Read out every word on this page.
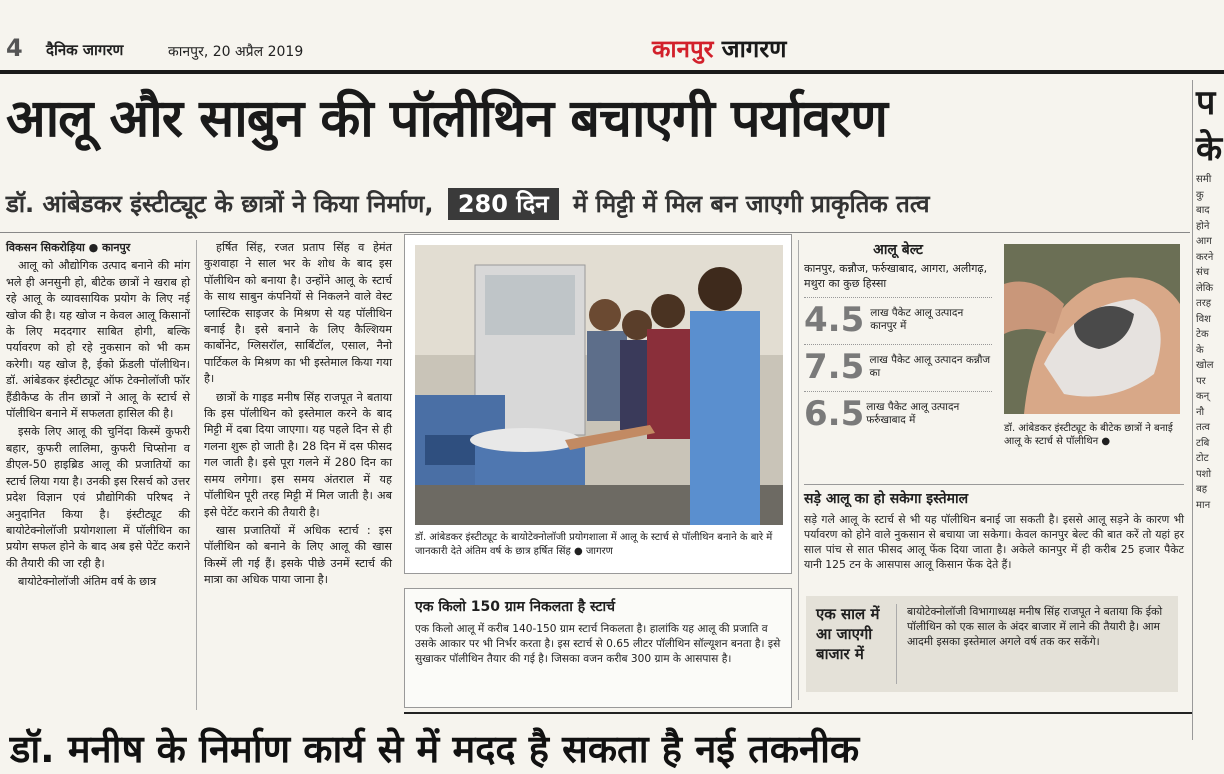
4 दैनिक जागरण	कानपुर, 20 अप्रैल 2019	कानपुर जागरण
आलू और साबुन की पॉलीथिन बचाएगी पर्यावरण
डॉ. आंबेडकर इंस्टीट्यूट के छात्रों ने किया निर्माण, 280 दिन में मिट्टी में मिल बन जाएगी प्राकृतिक तत्व

विकसन सिकरोड़िया ● कानपुर

आलू को औद्योगिक उत्पाद बनाने की मांग भले ही अनसुनी हो, बीटेक छात्रों ने खराब हो रहे आलू के व्यावसायिक प्रयोग के लिए नई खोज की है। यह खोज न केवल आलू किसानों के लिए मददगार साबित होगी, बल्कि पर्यावरण को हो रहे नुकसान को भी कम करेगी। यह खोज है, ईको फ्रेंडली पॉलीथिन। डॉ. आंबेडकर इंस्टीट्यूट ऑफ टेक्नोलॉजी फॉर हैंडीकैप्ड के तीन छात्रों ने आलू के स्टार्च से पॉलीथिन बनाने में सफलता हासिल की है।

इसके लिए आलू की चुनिंदा किस्में कुफरी बहार, कुफरी लालिमा, कुफरी चिप्सोना व डीएल-50 हाइब्रिड आलू की प्रजातियों का स्टार्च लिया गया है। उनकी इस रिसर्च को उत्तर प्रदेश विज्ञान एवं प्रौद्योगिकी परिषद ने अनुदानित किया है। इंस्टीट्यूट की बायोटेक्नोलॉजी प्रयोगशाला में पॉलीथिन का प्रयोग सफल होने के बाद अब इसे पेटेंट कराने की तैयारी की जा रही है।

बायोटेक्नोलॉजी अंतिम वर्ष के छात्र

हर्षित सिंह, रजत प्रताप सिंह व हेमंत कुशवाहा ने साल भर के शोध के बाद इस पॉलीथिन को बनाया है। उन्होंने आलू के स्टार्च के साथ साबुन कंपनियों से निकलने वाले वेस्ट प्लास्टिक साइजर के मिश्रण से यह पॉलीथिन बनाई है। इसे बनाने के लिए कैल्शियम कार्बोनेट, ग्लिसरॉल, सार्बिटॉल, एसाल, नैनो पार्टिकल के मिश्रण का भी इस्तेमाल किया गया है।

छात्रों के गाइड मनीष सिंह राजपूत ने बताया कि इस पॉलीथिन को इस्तेमाल करने के बाद मिट्टी में दबा दिया जाएगा। यह पहले दिन से ही गलना शुरू हो जाती है। 28 दिन में दस फीसद गल जाती है। इसे पूरा गलने में 280 दिन का समय लगेगा। इस समय अंतराल में यह पॉलीथिन पूरी तरह मिट्टी में मिल जाती है। अब इसे पेटेंट कराने की तैयारी है।

खास प्रजातियों में अधिक स्टार्च : इस पॉलीथिन को बनाने के लिए आलू की खास किस्में ली गई हैं। इसके पीछे उनमें स्टार्च की मात्रा का अधिक पाया जाना है।

डॉ. आंबेडकर इंस्टीट्यूट के बायोटेक्नोलॉजी प्रयोगशाला में आलू के स्टार्च से पॉलीथिन बनाने के बारे में जानकारी देते अंतिम वर्ष के छात्र हर्षित सिंह ● जागरण
एक किलो 150 ग्राम निकलता है स्टार्च
एक किलो आलू में करीब 140-150 ग्राम स्टार्च निकलता है। हालांकि यह आलू की प्रजाति व उसके आकार पर भी निर्भर करता है। इस स्टार्च से 0.65 लीटर पॉलीथिन सॉल्यूशन बनता है। इसे सुखाकर पॉलीथिन तैयार की गई है। जिसका वजन करीब 300 ग्राम के आसपास है।
आलू बेल्ट
कानपुर, कन्नौज, फर्रुखाबाद, आगरा, अलीगढ़, मथुरा का कुछ हिस्सा
4.5 लाख पैकेट आलू उत्पादन कानपुर में
7.5 लाख पैकेट आलू उत्पादन कन्नौज का
6.5 लाख पैकेट आलू उत्पादन फर्रुखाबाद में
डॉ. आंबेडकर इंस्टीट्यूट के बीटेक छात्रों ने बनाई आलू के स्टार्च से पॉलीथिन ●
सड़े आलू का हो सकेगा इस्तेमाल
सड़े गले आलू के स्टार्च से भी यह पॉलीथिन बनाई जा सकती है। इससे आलू सड़ने के कारण भी पर्यावरण को होने वाले नुकसान से बचाया जा सकेगा। केवल कानपुर बेल्ट की बात करें तो यहां हर साल पांच से सात फीसद आलू फेंक दिया जाता है। अकेले कानपुर में ही करीब 25 हजार पैकेट यानी 125 टन के आसपास आलू किसान फेंक देते हैं।
एक साल में आ जाएगी बाजार में
बायोटेक्नोलॉजी विभागाध्यक्ष मनीष सिंह राजपूत ने बताया कि ईको पॉलीथिन को एक साल के अंदर बाजार में लाने की तैयारी है। आम आदमी इसका इस्तेमाल अगले वर्ष तक कर सकेंगे।
प
के
समी
कु
बाद
होने
आग
करने
संच
लेकि
तरह
विश
टेक
के
खोल
पर
कन्
नौ
तत्व
टबि
टोट
पशो
बह
मान
डॉ. मनीष के निर्माण कार्य से में मदद है सकता है नई तकनीक
